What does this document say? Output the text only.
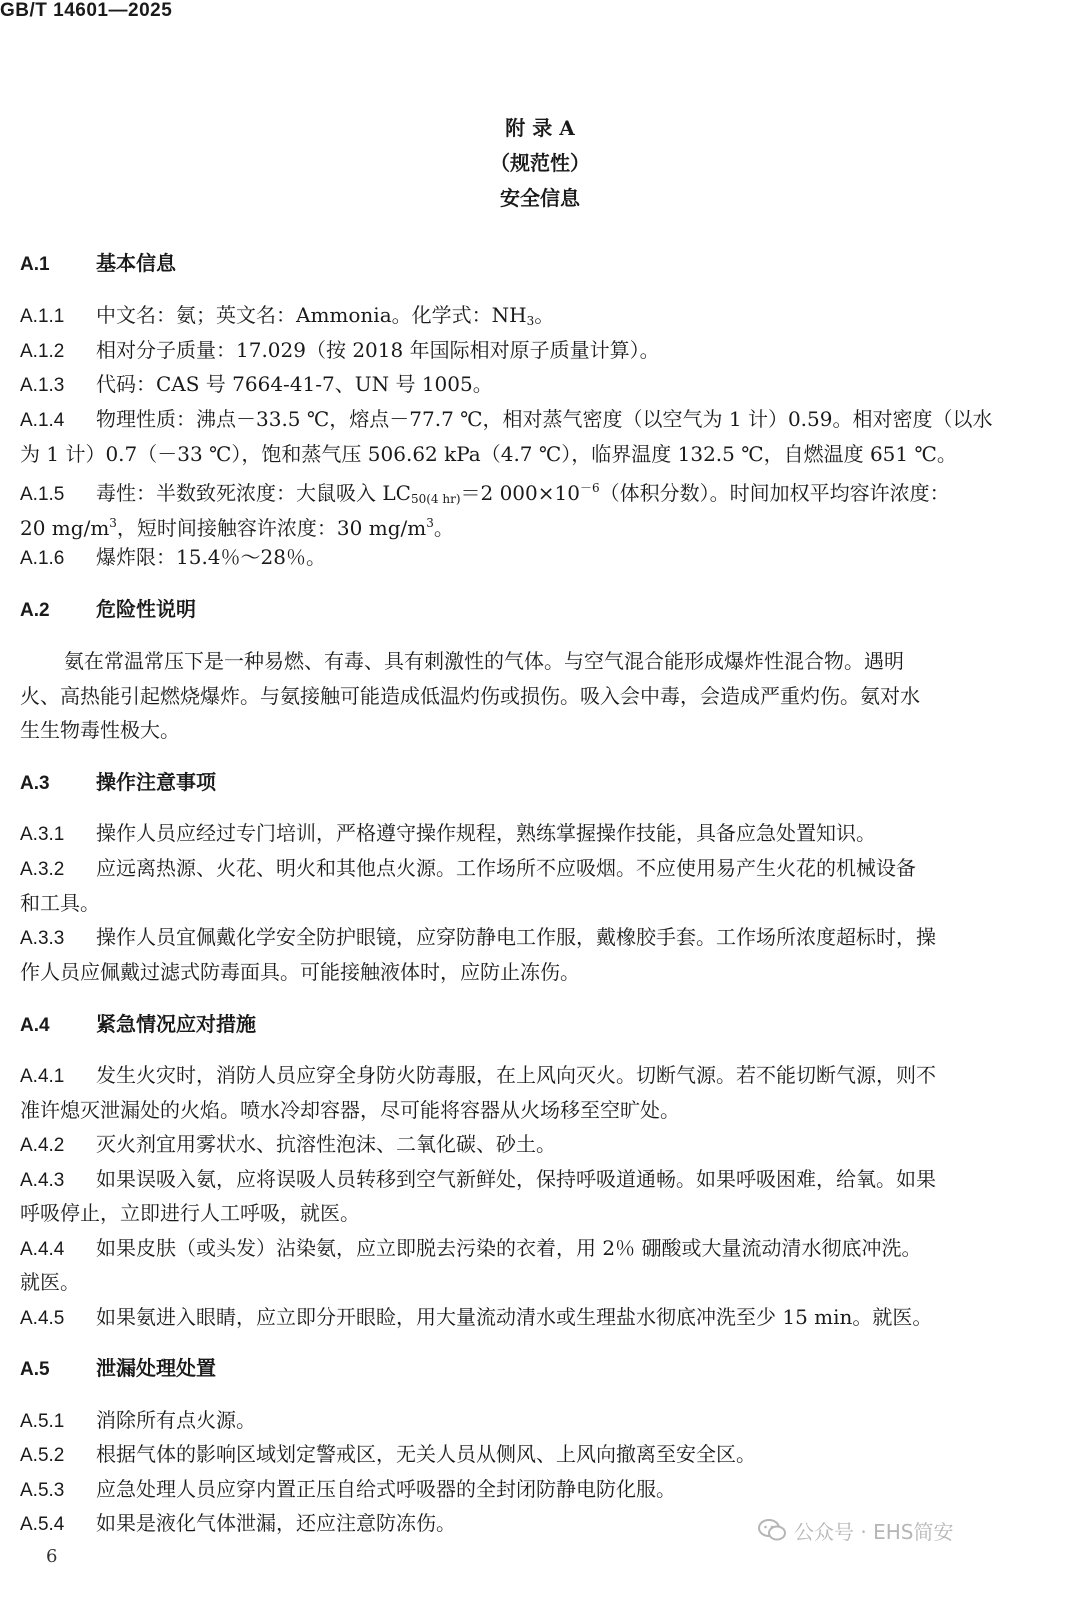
GB/T 14601—2025
附 录 A
（规范性）
安全信息
A.1 基本信息
A.1.1 中文名：氨；英文名：Ammonia。化学式：$NH_3$。
A.1.2 相对分子质量：17.029（按 2018 年国际相对原子质量计算）。
A.1.3 代码：CAS 号 7664-41-7、UN 号 1005。
A.1.4 物理性质：沸点－33.5 ℃，熔点－77.7 ℃，相对蒸气密度（以空气为 1 计）0.59。相对密度（以水
为 1 计）0.7（－33 ℃），饱和蒸气压 506.62 kPa（4.7 ℃），临界温度 132.5 ℃，自燃温度 651 ℃。
A.1.5 毒性：半数致死浓度：大鼠吸入 $LC_{50(4 hr)}=2$ $000\times 10^{-6}$（体积分数）。时间加权平均容许浓度：
20 $mg/m^3$，短时间接触容许浓度：30 $mg/m^3$。
A.1.6 爆炸限：15.4％～28％。
A.2 危险性说明
氨在常温常压下是一种易燃、有毒、具有刺激性的气体。与空气混合能形成爆炸性混合物。遇明
火、高热能引起燃烧爆炸。与氨接触可能造成低温灼伤或损伤。吸入会中毒，会造成严重灼伤。氨对水
生生物毒性极大。
A.3 操作注意事项
A.3.1 操作人员应经过专门培训，严格遵守操作规程，熟练掌握操作技能，具备应急处置知识。
A.3.2 应远离热源、火花、明火和其他点火源。工作场所不应吸烟。不应使用易产生火花的机械设备
和工具。
A.3.3 操作人员宜佩戴化学安全防护眼镜，应穿防静电工作服，戴橡胶手套。工作场所浓度超标时，操
作人员应佩戴过滤式防毒面具。可能接触液体时，应防止冻伤。
A.4 紧急情况应对措施
A.4.1 发生火灾时，消防人员应穿全身防火防毒服，在上风向灭火。切断气源。若不能切断气源，则不
准许熄灭泄漏处的火焰。喷水冷却容器，尽可能将容器从火场移至空旷处。
A.4.2 灭火剂宜用雾状水、抗溶性泡沫、二氧化碳、砂土。
A.4.3 如果误吸入氨，应将误吸人员转移到空气新鲜处，保持呼吸道通畅。如果呼吸困难，给氧。如果
呼吸停止，立即进行人工呼吸，就医。
A.4.4 如果皮肤（或头发）沾染氨，应立即脱去污染的衣着，用 2％ 硼酸或大量流动清水彻底冲洗。
就医。
A.4.5 如果氨进入眼睛，应立即分开眼睑，用大量流动清水或生理盐水彻底冲洗至少 15 min。就医。
A.5 泄漏处理处置
A.5.1 消除所有点火源。
A.5.2 根据气体的影响区域划定警戒区，无关人员从侧风、上风向撤离至安全区。
A.5.3 应急处理人员应穿内置正压自给式呼吸器的全封闭防静电防化服。
A.5.4 如果是液化气体泄漏，还应注意防冻伤。	公众号 · EHS简安
6
